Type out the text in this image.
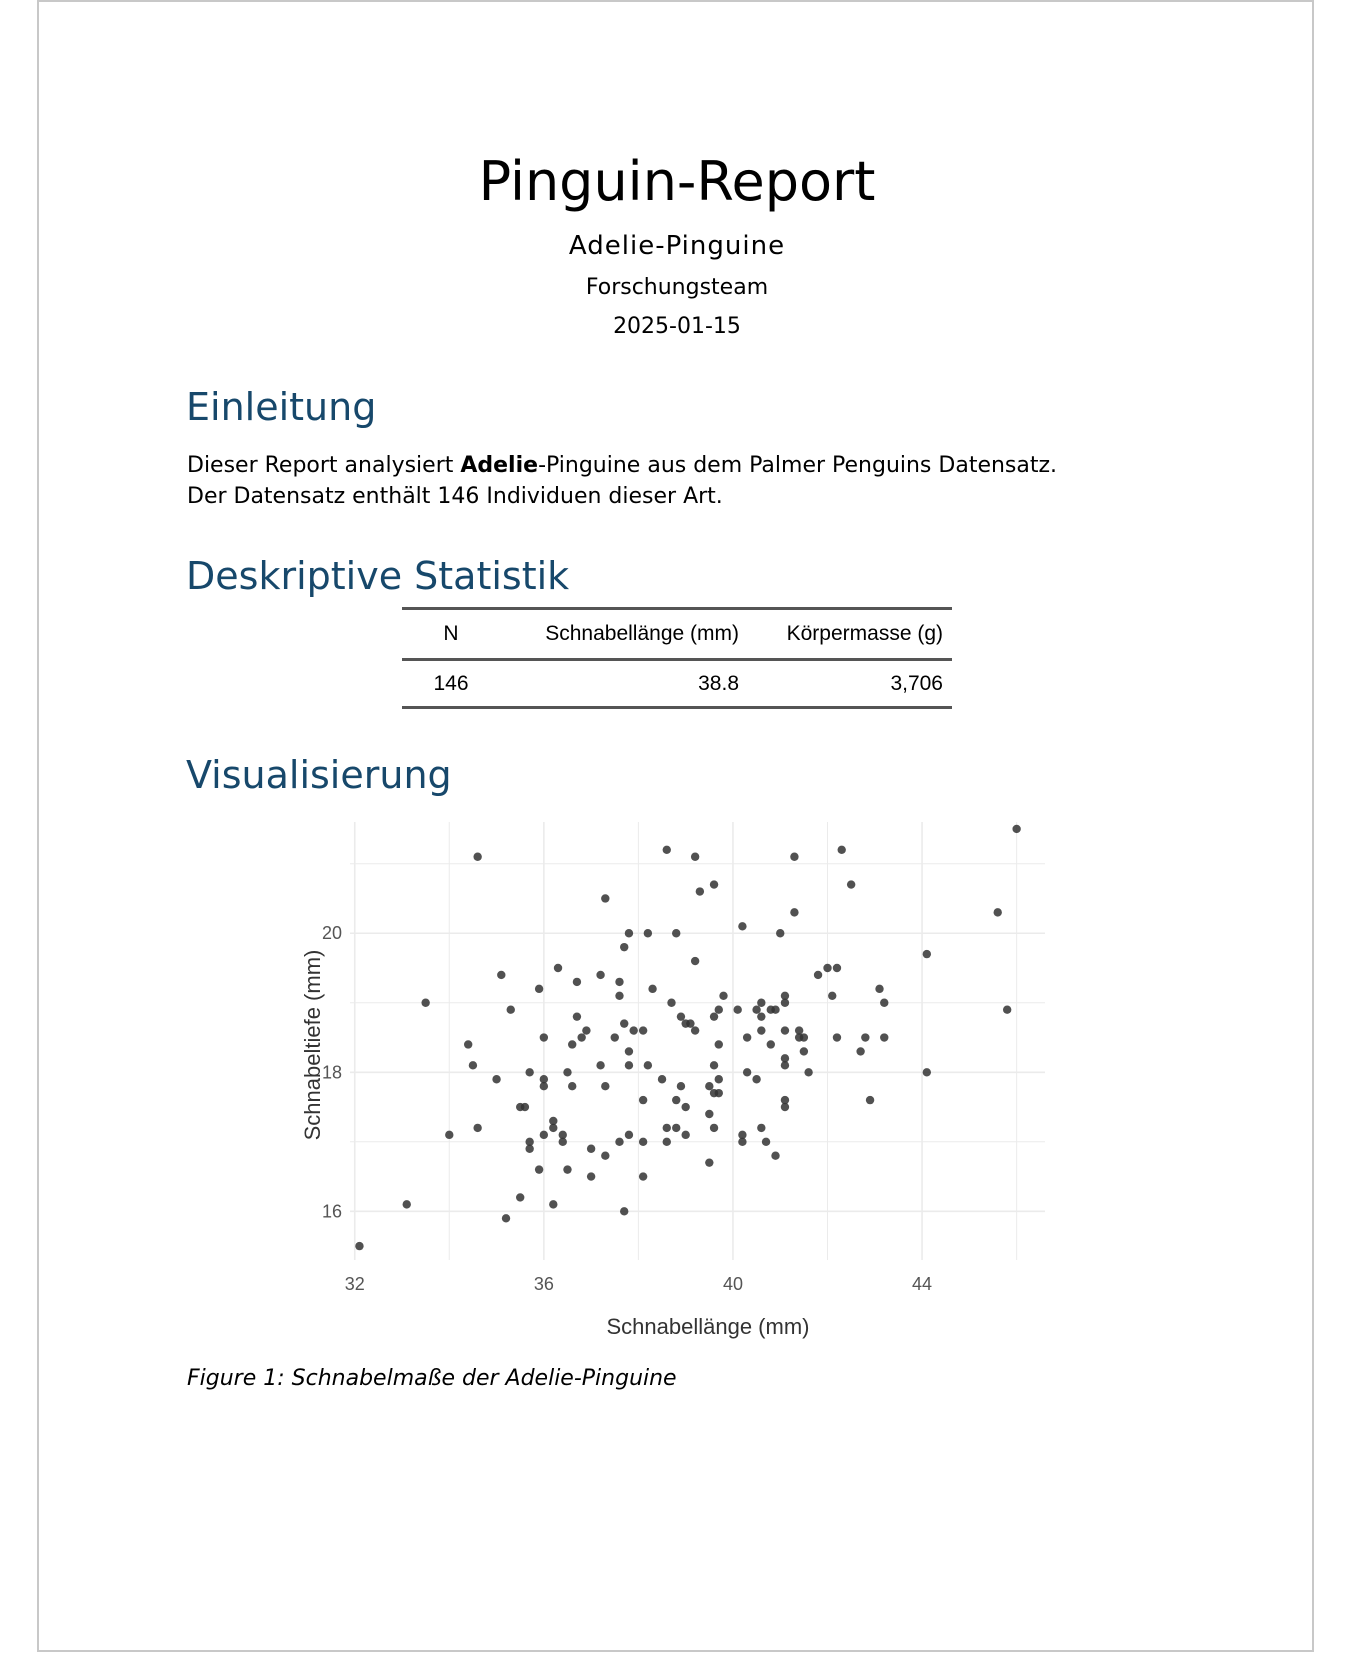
Pinguin-Report
Adelie-Pinguine
Forschungsteam
2025-01-15
Einleitung
Dieser Report analysiert Adelie-Pinguine aus dem Palmer Penguins Datensatz. Der Datensatz enthält 146 Individuen dieser Art.
Deskriptive Statistik
N	Schnabellänge (mm)	Körpermasse (g)
146	38.8	3,706
Visualisierung
32	36	40	44
16
18
20
Schnabellänge (mm)
Schnabeltiefe (mm)
Figure 1: Schnabelmaße der Adelie-Pinguine
